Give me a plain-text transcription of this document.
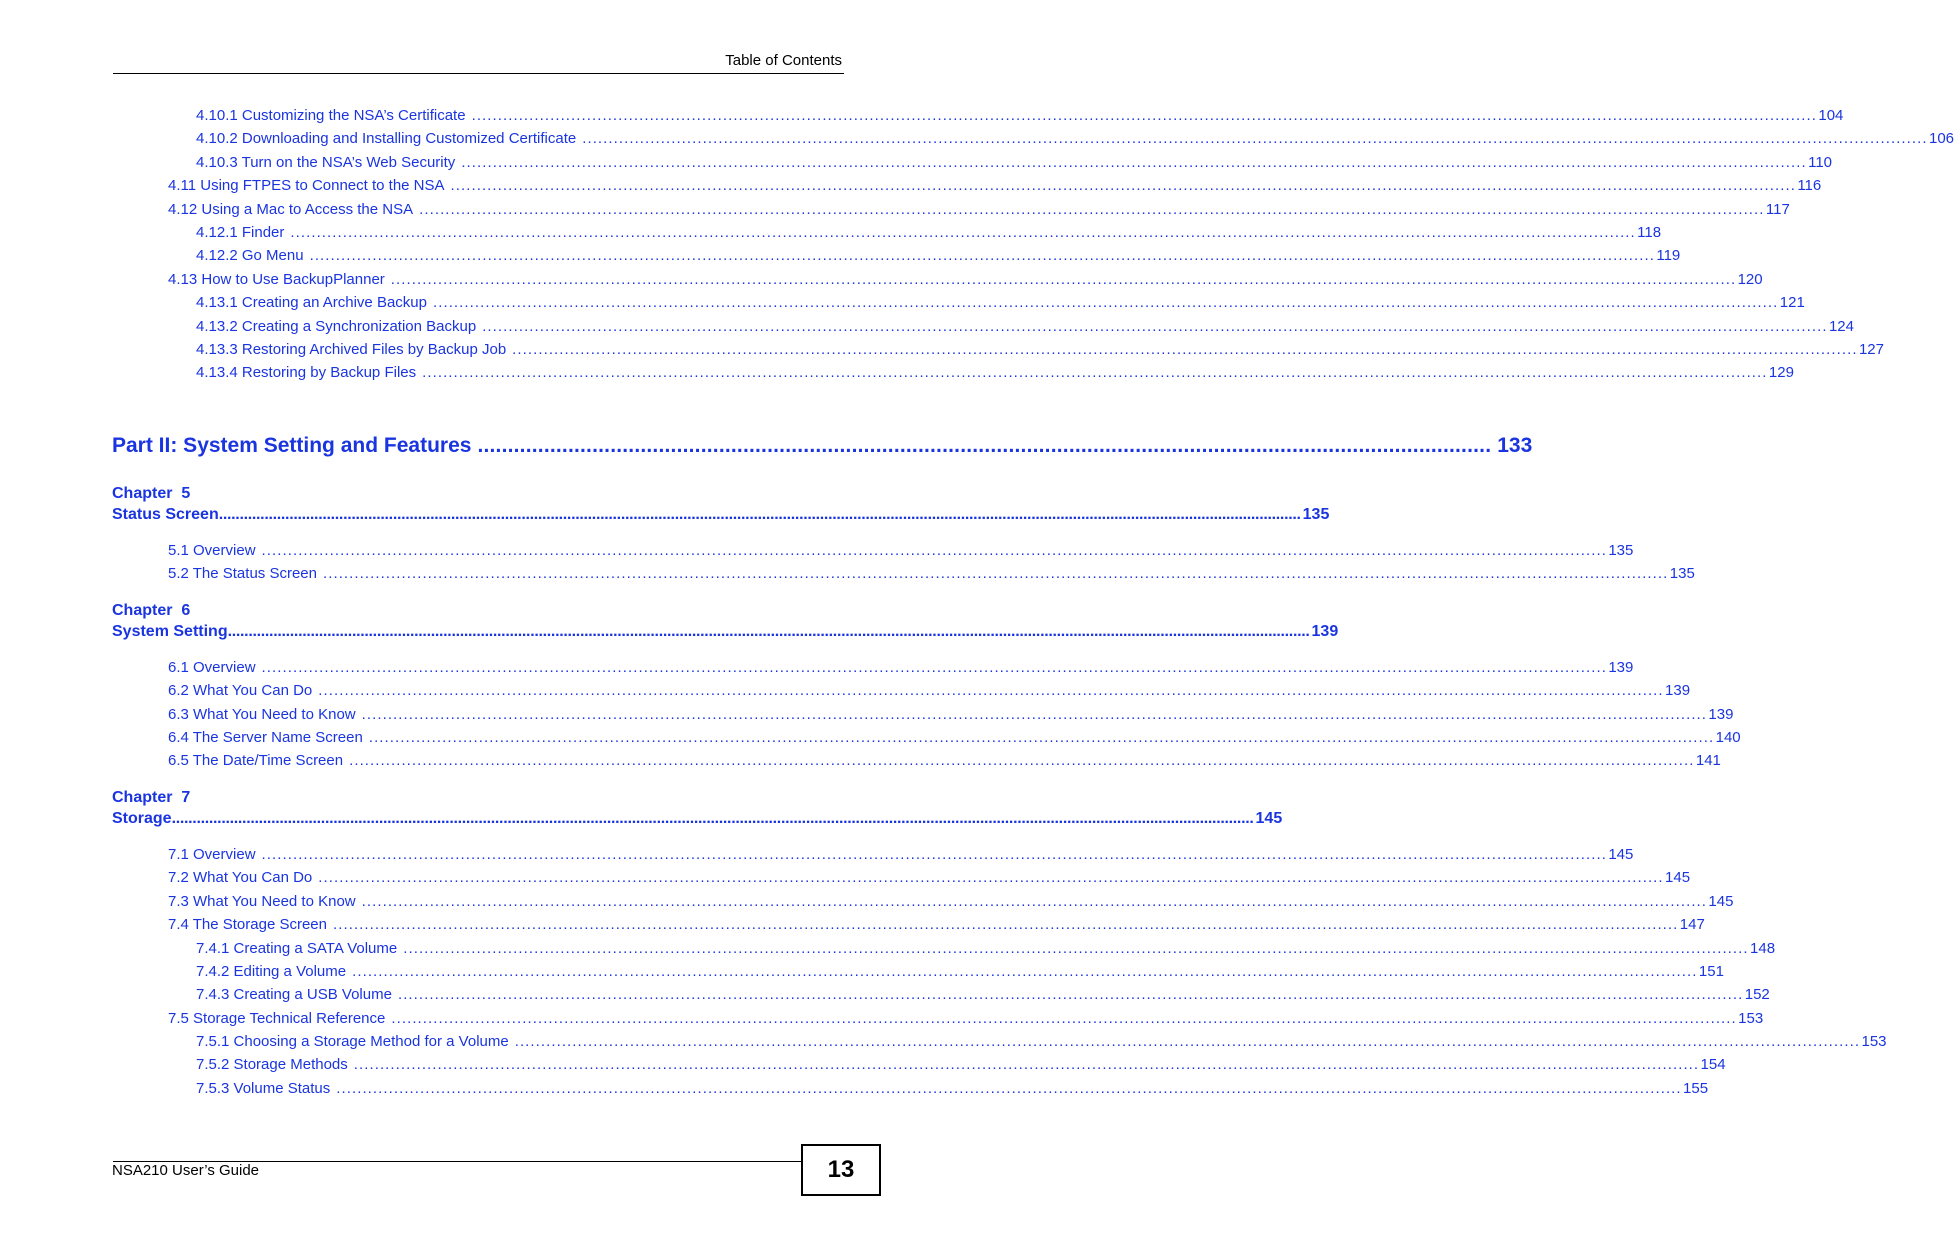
Table of Contents
4.10.1 Customizing the NSA’s Certificate . . .	104
4.10.2 Downloading and Installing Customized Certificate . . .	106
4.10.3 Turn on the NSA’s Web Security . . .	110
4.11 Using FTPES to Connect to the NSA . . .	116
4.12 Using a Mac to Access the NSA . . .	117
4.12.1 Finder . . .	118
4.12.2 Go Menu . . .	119
4.13 How to Use BackupPlanner . . .	120
4.13.1 Creating an Archive Backup . . .	121
4.13.2 Creating a Synchronization Backup . . .	124
4.13.3 Restoring Archived Files by Backup Job . . .	127
4.13.4 Restoring by Backup Files . . .	129
Part II: System Setting and Features .....	133
Chapter  5
Status Screen .....	135
5.1 Overview . . .	135
5.2 The Status Screen . . .	135
Chapter  6
System Setting .....	139
6.1 Overview . . .	139
6.2 What You Can Do . . .	139
6.3 What You Need to Know . . .	139
6.4 The Server Name Screen . . .	140
6.5 The Date/Time Screen . . .	141
Chapter  7
Storage .....	145
7.1 Overview . . .	145
7.2 What You Can Do . . .	145
7.3 What You Need to Know . . .	145
7.4 The Storage Screen . . .	147
7.4.1 Creating a SATA Volume . . .	148
7.4.2 Editing a Volume . . .	151
7.4.3 Creating a USB Volume . . .	152
7.5 Storage Technical Reference . . .	153
7.5.1 Choosing a Storage Method for a Volume . . .	153
7.5.2 Storage Methods . . .	154
7.5.3 Volume Status . . .	155
NSA210 User’s Guide	13
